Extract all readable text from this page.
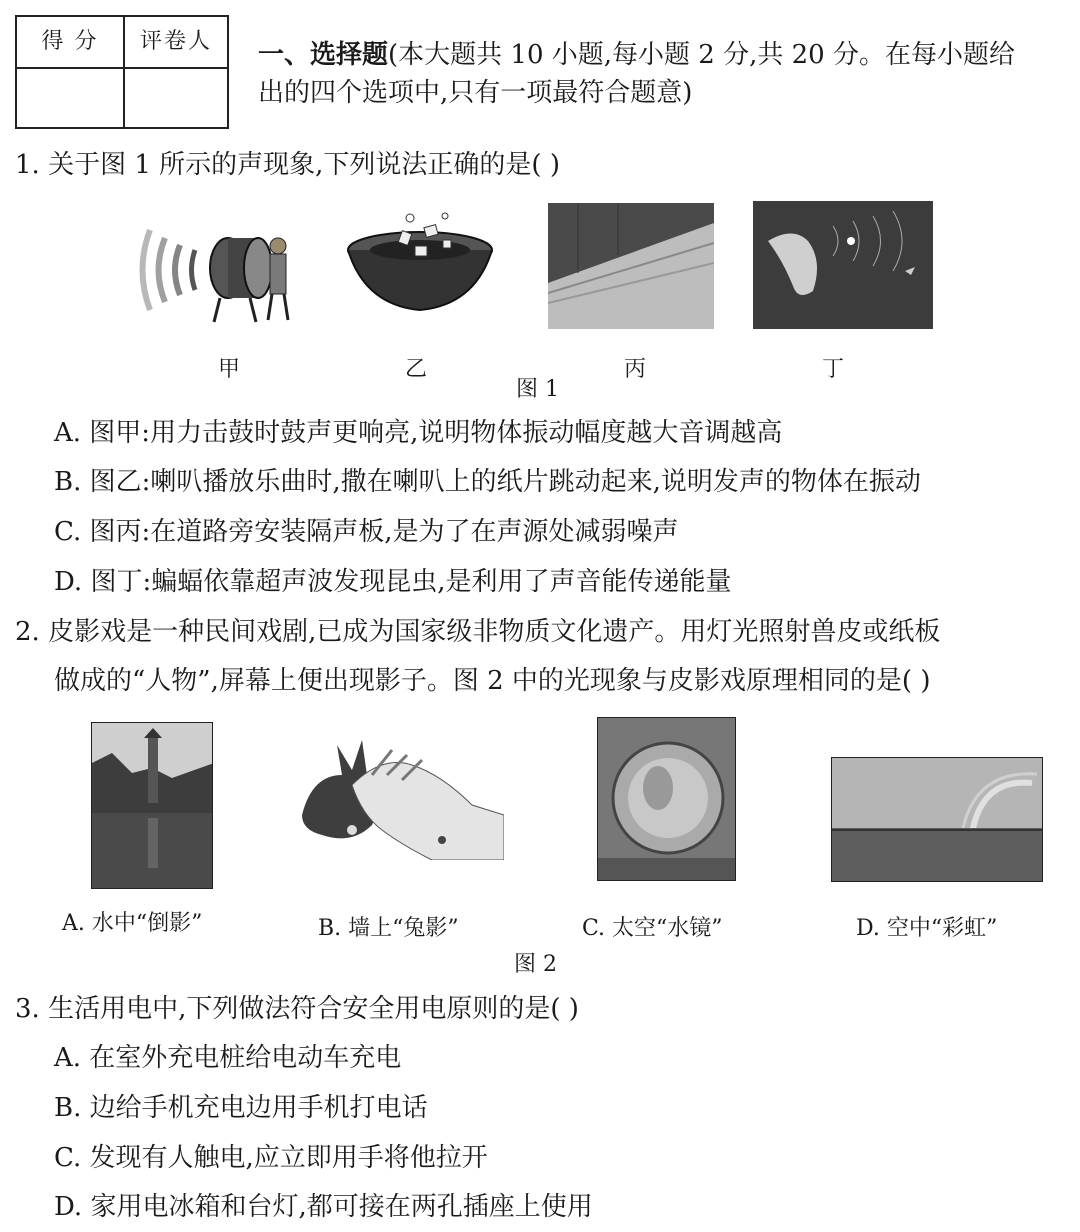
得 分	评卷人	一、选择题(本大题共 10 小题,每小题 2 分,共 20 分。在每小题给
出的四个选项中,只有一项最符合题意)
1. 关于图 1 所示的声现象,下列说法正确的是( )
甲	乙	丙	丁
图 1
A. 图甲:用力击鼓时鼓声更响亮,说明物体振动幅度越大音调越高
B. 图乙:喇叭播放乐曲时,撒在喇叭上的纸片跳动起来,说明发声的物体在振动
C. 图丙:在道路旁安装隔声板,是为了在声源处减弱噪声
D. 图丁:蝙蝠依靠超声波发现昆虫,是利用了声音能传递能量
2. 皮影戏是一种民间戏剧,已成为国家级非物质文化遗产。用灯光照射兽皮或纸板
做成的“人物”,屏幕上便出现影子。图 2 中的光现象与皮影戏原理相同的是( )
A. 水中“倒影”	B. 墙上“兔影”	C. 太空“水镜”	D. 空中“彩虹”
图 2
3. 生活用电中,下列做法符合安全用电原则的是( )
A. 在室外充电桩给电动车充电
B. 边给手机充电边用手机打电话
C. 发现有人触电,应立即用手将他拉开
D. 家用电冰箱和台灯,都可接在两孔插座上使用
